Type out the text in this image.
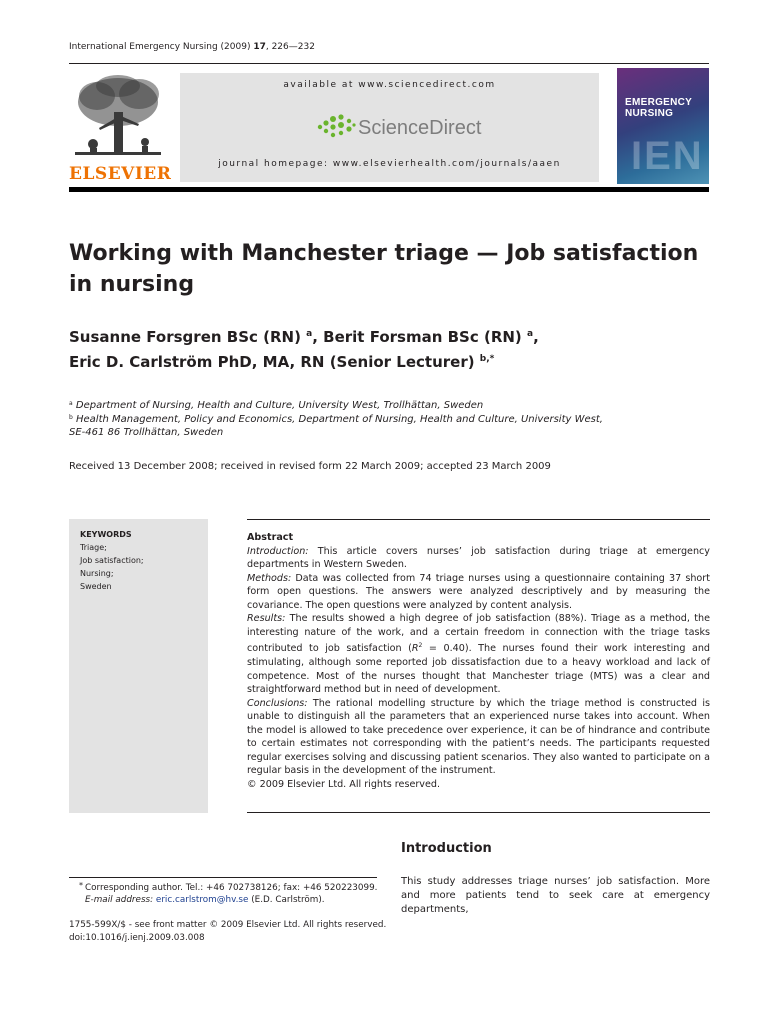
International Emergency Nursing (2009) 17, 226—232
ELSEVIER
available at www.sciencedirect.com
ScienceDirect
journal homepage: www.elsevierhealth.com/journals/aaen
EMERGENCY
NURSING
IEN
Working with Manchester triage — Job satisfaction in nursing
Susanne Forsgren BSc (RN) $^a$, Berit Forsman BSc (RN) $^a$,
Eric D. Carlström PhD, MA, RN (Senior Lecturer) $^{b,*}$
$^a$ Department of Nursing, Health and Culture, University West, Trollhättan, Sweden
$^b$ Health Management, Policy and Economics, Department of Nursing, Health and Culture, University West,
SE-461 86 Trollhättan, Sweden
Received 13 December 2008; received in revised form 22 March 2009; accepted 23 March 2009
KEYWORDS
Triage;
Job satisfaction;
Nursing;
Sweden
Abstract

Introduction: This article covers nurses’ job satisfaction during triage at emergency departments in Western Sweden.

Methods: Data was collected from 74 triage nurses using a questionnaire containing 37 short form open questions. The answers were analyzed descriptively and by measuring the covariance. The open questions were analyzed by content analysis.

Results: The results showed a high degree of job satisfaction (88%). Triage as a method, the interesting nature of the work, and a certain freedom in connection with the triage tasks contributed to job satisfaction $(R^2 = 0.40)$. The nurses found their work interesting and stimulating, although some reported job dissatisfaction due to a heavy workload and lack of competence. Most of the nurses thought that Manchester triage (MTS) was a clear and straightforward method but in need of development.

Conclusions: The rational modelling structure by which the triage method is constructed is unable to distinguish all the parameters that an experienced nurse takes into account. When the model is allowed to take precedence over experience, it can be of hindrance and contribute to certain estimates not corresponding with the patient’s needs. The participants requested regular exercises solving and discussing patient scenarios. They also wanted to participate on a regular basis in the development of the instrument.

© 2009 Elsevier Ltd. All rights reserved.

Introduction
This study addresses triage nurses’ job satisfaction. More and more patients tend to seek care at emergency departments,
* Corresponding author. Tel.: +46 702738126; fax: +46 520223099.
E-mail address: eric.carlstrom@hv.se (E.D. Carlström).
1755-599X/$ - see front matter © 2009 Elsevier Ltd. All rights reserved.
doi:10.1016/j.ienj.2009.03.008
